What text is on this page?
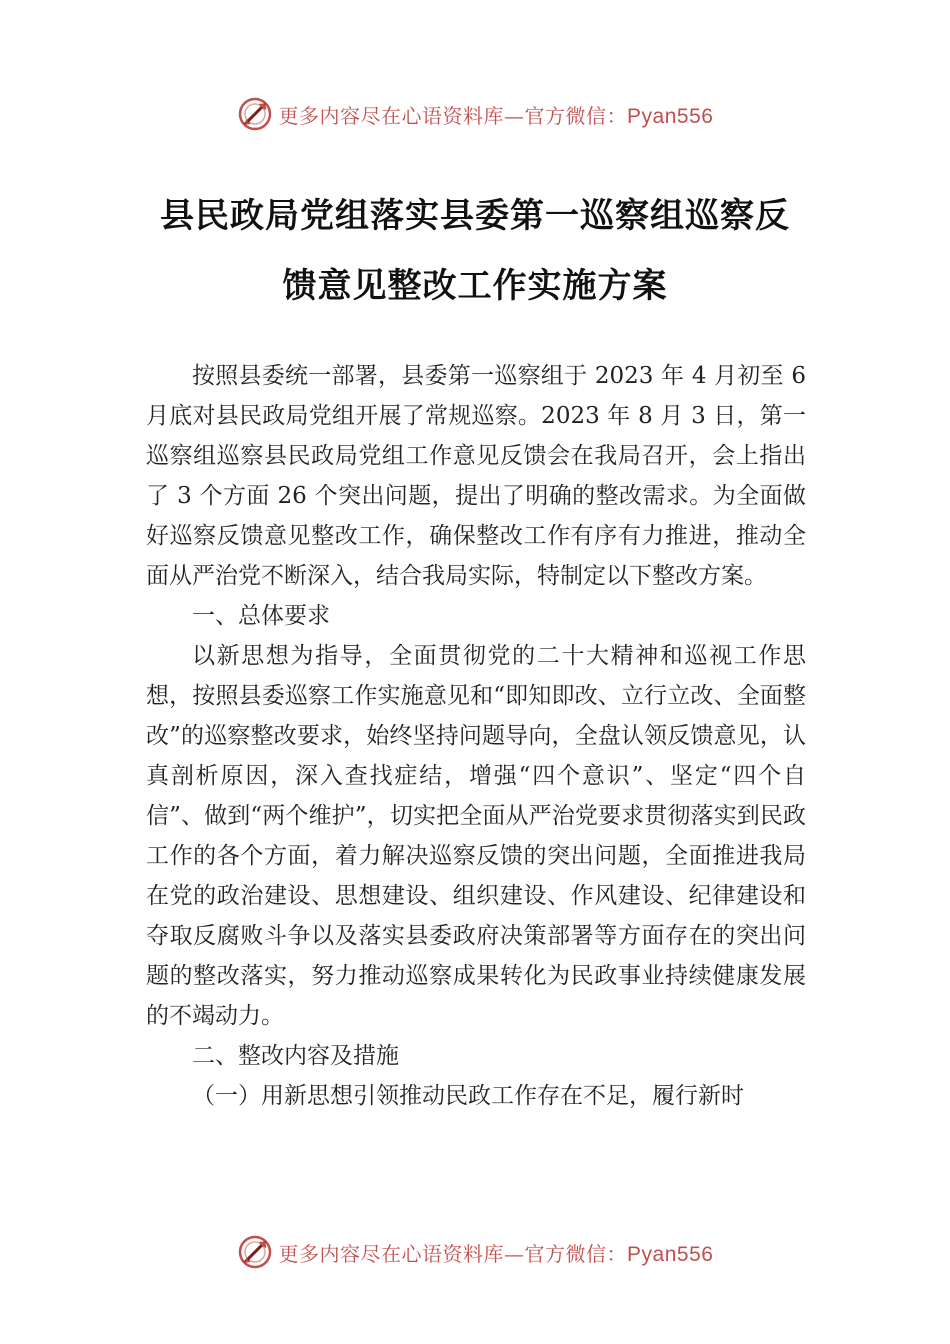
更多内容尽在心语资料库—官方微信：Pyan556
县民政局党组落实县委第一巡察组巡察反
馈意见整改工作实施方案

按照县委统一部署，县委第一巡察组于 2023 年 4 月初至 6 月底对县民政局党组开展了常规巡察。2023 年 8 月 3 日，第一巡察组巡察县民政局党组工作意见反馈会在我局召开，会上指出了 3 个方面 26 个突出问题，提出了明确的整改需求。为全面做好巡察反馈意见整改工作，确保整改工作有序有力推进，推动全面从严治党不断深入，结合我局实际，特制定以下整改方案。

一、总体要求

以新思想为指导，全面贯彻党的二十大精神和巡视工作思想，按照县委巡察工作实施意见和“即知即改、立行立改、全面整改”的巡察整改要求，始终坚持问题导向，全盘认领反馈意见，认真剖析原因，深入查找症结，增强“四个意识”、坚定“四个自信”、做到“两个维护”，切实把全面从严治党要求贯彻落实到民政工作的各个方面，着力解决巡察反馈的突出问题，全面推进我局在党的政治建设、思想建设、组织建设、作风建设、纪律建设和夺取反腐败斗争以及落实县委政府决策部署等方面存在的突出问题的整改落实，努力推动巡察成果转化为民政事业持续健康发展的不竭动力。

二、整改内容及措施

（一）用新思想引领推动民政工作存在不足，履行新时

更多内容尽在心语资料库—官方微信：Pyan556
